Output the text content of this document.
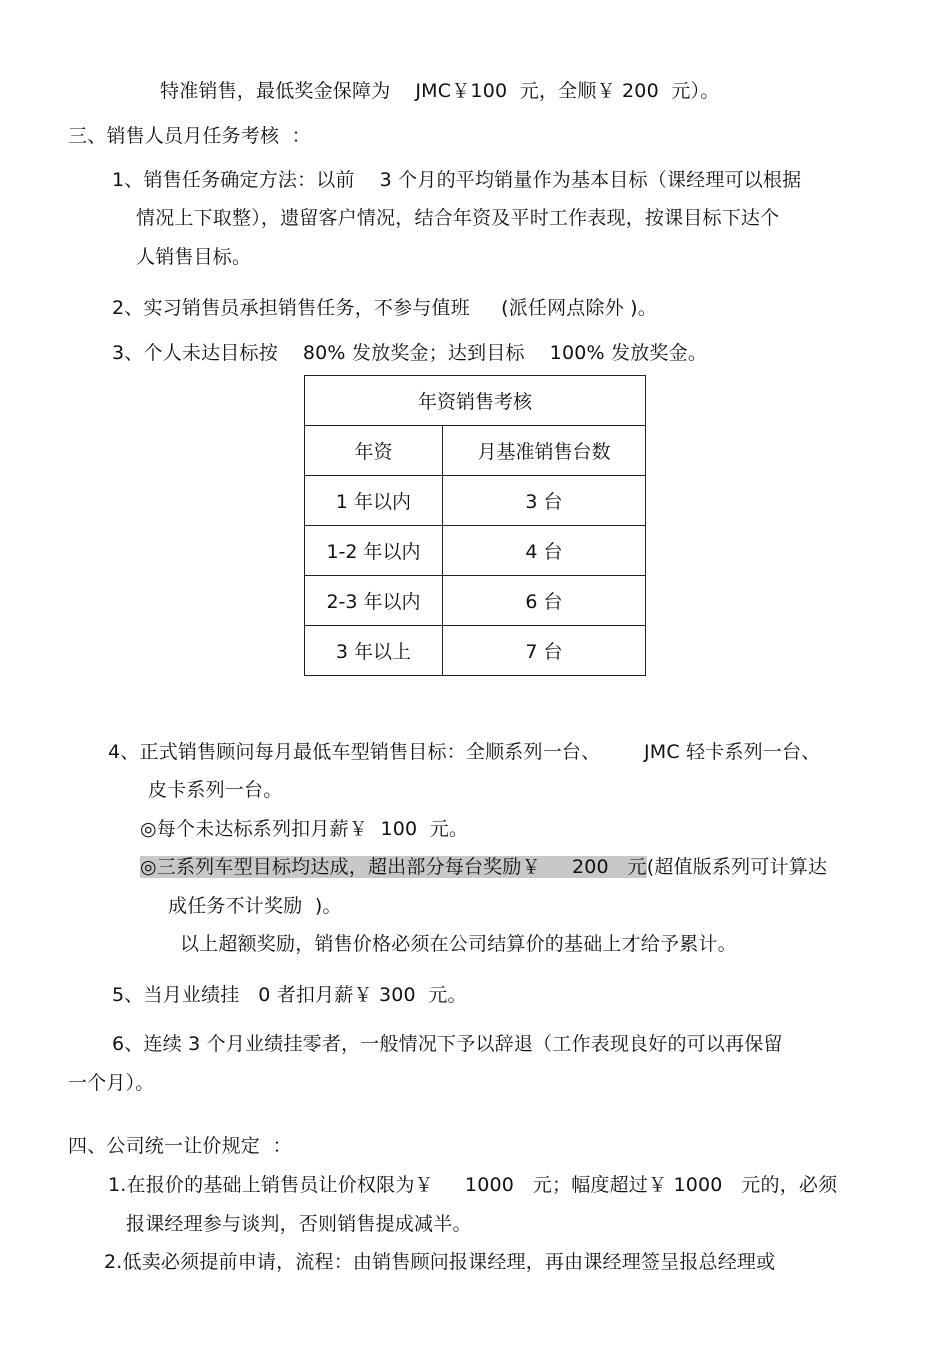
特准销售，最低奖金保障为    JMC￥100  元，全顺￥ 200  元）。
三、销售人员月任务考核  ：
1、销售任务确定方法：以前    3 个月的平均销量作为基本目标（课经理可以根据
情况上下取整），遗留客户情况，结合年资及平时工作表现，按课目标下达个
人销售目标。
2、实习销售员承担销售任务，不参与值班     (派任网点除外 )。
3、个人未达目标按    80% 发放奖金；达到目标    100% 发放奖金。
年资销售考核	
年资	月基准销售台数
1 年以内	3 台
1-2 年以内	4 台
2-3 年以内	6 台
3 年以上	7 台
4、正式销售顾问每月最低车型销售目标：全顺系列一台、       JMC 轻卡系列一台、
皮卡系列一台。
◎每个未达标系列扣月薪￥  100  元。
◎三系列车型目标均达成，超出部分每台奖励￥     200   元(超值版系列可计算达
成任务不计奖励  )。
以上超额奖励，销售价格必须在公司结算价的基础上才给予累计。
5、当月业绩挂   0 者扣月薪￥ 300  元。
6、连续 3 个月业绩挂零者，一般情况下予以辞退（工作表现良好的可以再保留
一个月）。
四、公司统一让价规定  ：
1.在报价的基础上销售员让价权限为￥     1000   元；幅度超过￥ 1000   元的，必须
报课经理参与谈判，否则销售提成减半。
2.低卖必须提前申请，流程：由销售顾问报课经理，再由课经理签呈报总经理或
